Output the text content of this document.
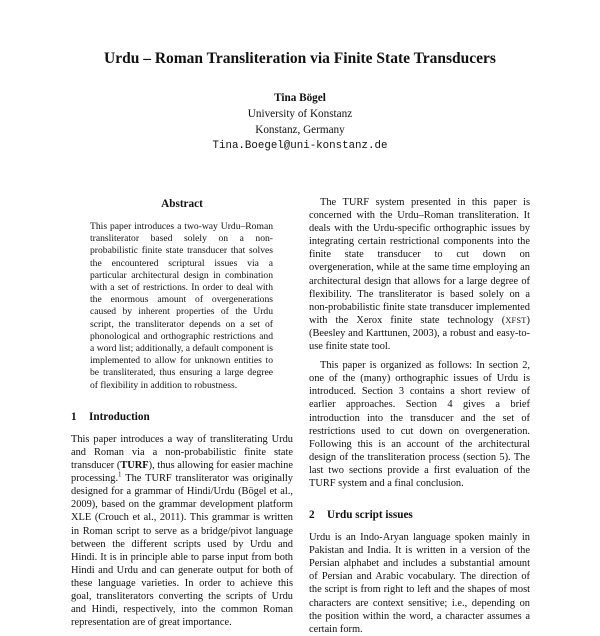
Urdu – Roman Transliteration via Finite State Transducers
Tina Bögel
University of Konstanz
Konstanz, Germany
Tina.Boegel@uni-konstanz.de
Abstract

This paper introduces a two-way Urdu–Roman transliterator based solely on a non-probabilistic finite state transducer that solves the encountered scriptural issues via a particular architectural design in combination with a set of restrictions. In order to deal with the enormous amount of overgenerations caused by inherent properties of the Urdu script, the transliterator depends on a set of phonological and orthographic restrictions and a word list; additionally, a default component is implemented to allow for unknown entities to be transliterated, thus ensuring a large degree of flexibility in addition to robustness.

1 Introduction

This paper introduces a way of transliterating Urdu and Roman via a non-probabilistic finite state transducer (TURF), thus allowing for easier machine processing.$^1$ The TURF transliterator was originally designed for a grammar of Hindi/Urdu (Bögel et al., 2009), based on the grammar development platform XLE (Crouch et al., 2011). This grammar is written in Roman script to serve as a bridge/pivot language between the different scripts used by Urdu and Hindi. It is in principle able to parse input from both Hindi and Urdu and can generate output for both of these language varieties. In order to achieve this goal, transliterators converting the scripts of Urdu and Hindi, respectively, into the common Roman representation are of great importance.

The TURF system presented in this paper is concerned with the Urdu–Roman transliteration. It deals with the Urdu-specific orthographic issues by integrating certain restrictional components into the finite state transducer to cut down on overgeneration, while at the same time employing an architectural design that allows for a large degree of flexibility. The transliterator is based solely on a non-probabilistic finite state transducer implemented with the Xerox finite state technology (XFST) (Beesley and Karttunen, 2003), a robust and easy-to-use finite state tool.

This paper is organized as follows: In section 2, one of the (many) orthographic issues of Urdu is introduced. Section 3 contains a short review of earlier approaches. Section 4 gives a brief introduction into the transducer and the set of restrictions used to cut down on overgeneration. Following this is an account of the architectural design of the transliteration process (section 5). The last two sections provide a first evaluation of the TURF system and a final conclusion.

2 Urdu script issues

Urdu is an Indo-Aryan language spoken mainly in Pakistan and India. It is written in a version of the Persian alphabet and includes a substantial amount of Persian and Arabic vocabulary. The direction of the script is from right to left and the shapes of most characters are context sensitive; i.e., depending on the position within the word, a character assumes a certain form.
